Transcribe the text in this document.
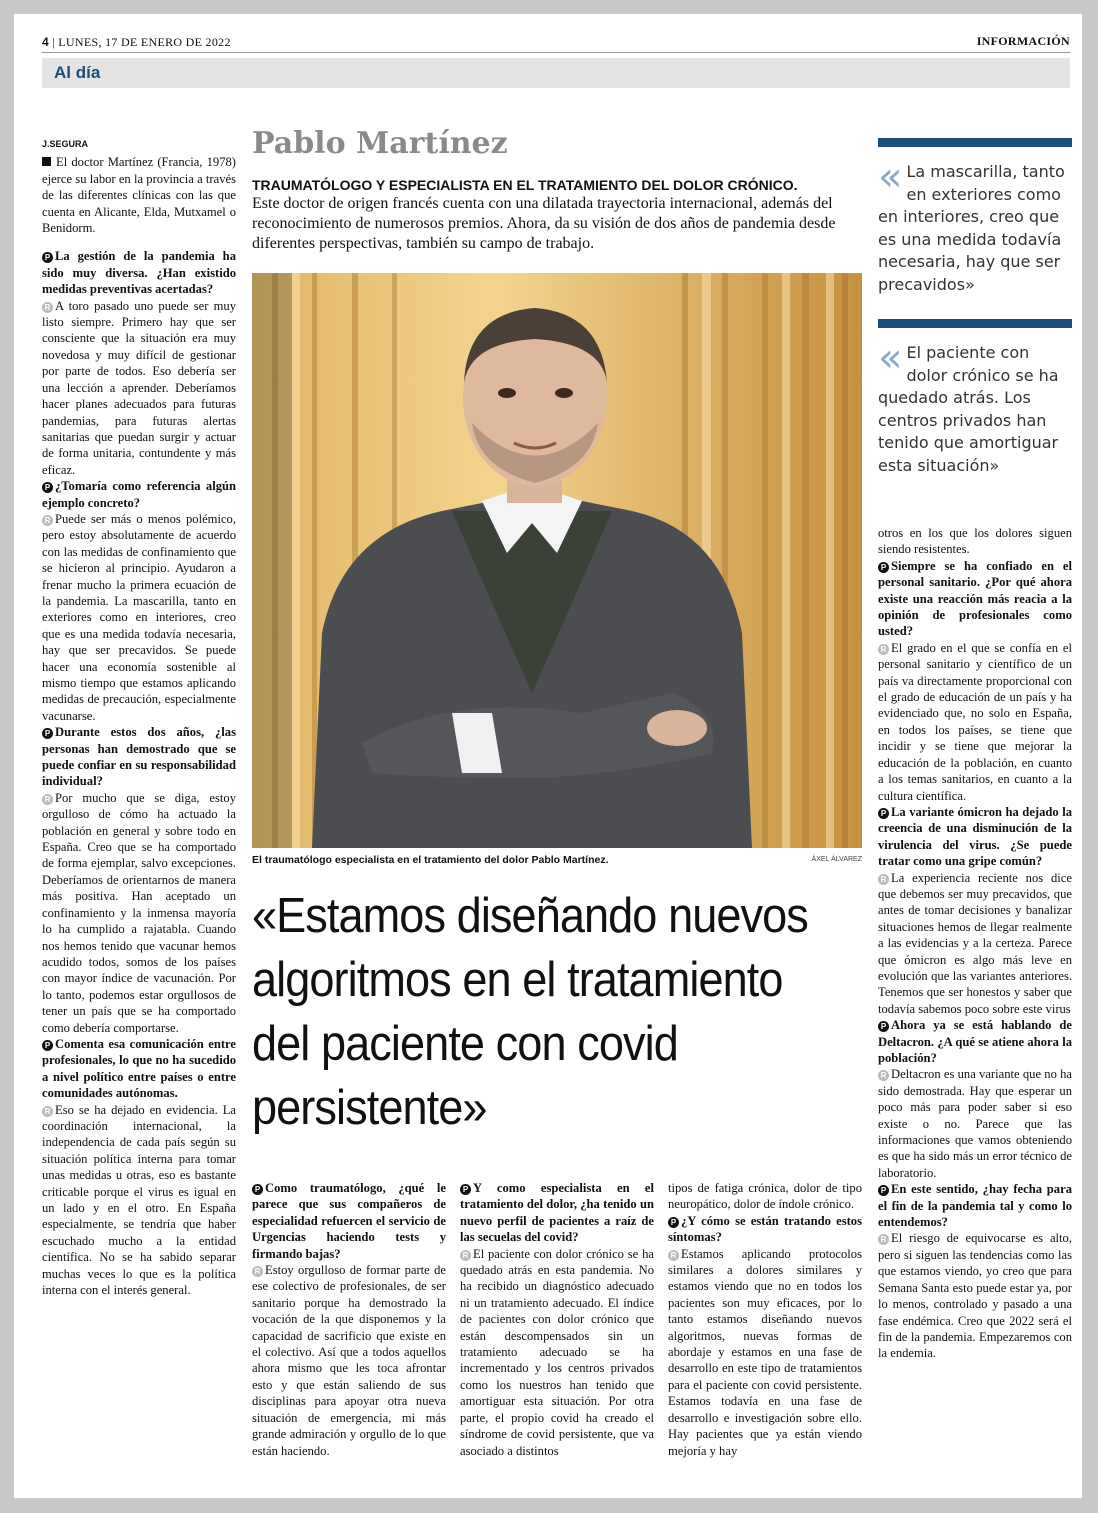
4 | LUNES, 17 DE ENERO DE 2022	INFORMACIÓN
Al día
J.SEGURA

El doctor Martínez (Francia, 1978) ejerce su labor en la provincia a través de las diferentes clínicas con las que cuenta en Alicante, Elda, Mutxamel o Benidorm.

P La gestión de la pandemia ha sido muy diversa. ¿Han existido medidas preventivas acertadas?

R A toro pasado uno puede ser muy listo siempre. Primero hay que ser consciente que la situación era muy novedosa y muy difícil de gestionar por parte de todos. Eso debería ser una lección a aprender. Deberíamos hacer planes adecuados para futuras pandemias, para futuras alertas sanitarias que puedan surgir y actuar de forma unitaria, contundente y más eficaz.

P ¿Tomaría como referencia algún ejemplo concreto?

R Puede ser más o menos polémico, pero estoy absolutamente de acuerdo con las medidas de confinamiento que se hicieron al principio. Ayudaron a frenar mucho la primera ecuación de la pandemia. La mascarilla, tanto en exteriores como en interiores, creo que es una medida todavía necesaria, hay que ser precavidos. Se puede hacer una economía sostenible al mismo tiempo que estamos aplicando medidas de precaución, especialmente vacunarse.

P Durante estos dos años, ¿las personas han demostrado que se puede confiar en su responsabilidad individual?

R Por mucho que se diga, estoy orgulloso de cómo ha actuado la población en general y sobre todo en España. Creo que se ha comportado de forma ejemplar, salvo excepciones. Deberíamos de orientarnos de manera más positiva. Han aceptado un confinamiento y la inmensa mayoría lo ha cumplido a rajatabla. Cuando nos hemos tenido que vacunar hemos acudido todos, somos de los países con mayor índice de vacunación. Por lo tanto, podemos estar orgullosos de tener un país que se ha comportado como debería comportarse.

P Comenta esa comunicación entre profesionales, lo que no ha sucedido a nivel político entre países o entre comunidades autónomas.

R Eso se ha dejado en evidencia. La coordinación internacional, la independencia de cada país según su situación política interna para tomar unas medidas u otras, eso es bastante criticable porque el virus es igual en un lado y en el otro. En España especialmente, se tendría que haber escuchado mucho a la entidad científica. No se ha sabido separar muchas veces lo que es la política interna con el interés general.

Pablo Martínez
TRAUMATÓLOGO Y ESPECIALISTA EN EL TRATAMIENTO DEL DOLOR CRÓNICO.
Este doctor de origen francés cuenta con una dilatada trayectoria internacional, además del reconocimiento de numerosos premios. Ahora, da su visión de dos años de pandemia desde diferentes perspectivas, también su campo de trabajo.
El traumatólogo especialista en el tratamiento del dolor Pablo Martínez.	ÁXEL ÁLVAREZ
«Estamos diseñando nuevos algoritmos en el tratamiento del paciente con covid persistente»
« La mascarilla, tanto en exteriores como en interiores, creo que es una medida todavía necesaria, hay que ser precavidos»
« El paciente con dolor crónico se ha quedado atrás. Los centros privados han tenido que amortiguar esta situación»

P Como traumatólogo, ¿qué le parece que sus compañeros de especialidad refuercen el servicio de Urgencias haciendo tests y firmando bajas?

R Estoy orgulloso de formar parte de ese colectivo de profesionales, de ser sanitario porque ha demostrado la vocación de la que disponemos y la capacidad de sacrificio que existe en el colectivo. Así que a todos aquellos ahora mismo que les toca afrontar esto y que están saliendo de sus disciplinas para apoyar otra nueva situación de emergencia, mi más grande admiración y orgullo de lo que están haciendo.

P Y como especialista en el tratamiento del dolor, ¿ha tenido un nuevo perfil de pacientes a raíz de las secuelas del covid?

R El paciente con dolor crónico se ha quedado atrás en esta pandemia. No ha recibido un diagnóstico adecuado ni un tratamiento adecuado. El índice de pacientes con dolor crónico que están descompensados sin un tratamiento adecuado se ha incrementado y los centros privados como los nuestros han tenido que amortiguar esta situación. Por otra parte, el propio covid ha creado el síndrome de covid persistente, que va asociado a distintos

tipos de fatiga crónica, dolor de tipo neuropático, dolor de índole crónico.

P ¿Y cómo se están tratando estos síntomas?

R Estamos aplicando protocolos similares a dolores similares y estamos viendo que no en todos los pacientes son muy eficaces, por lo tanto estamos diseñando nuevos algoritmos, nuevas formas de abordaje y estamos en una fase de desarrollo en este tipo de tratamientos para el paciente con covid persistente. Estamos todavía en una fase de desarrollo e investigación sobre ello. Hay pacientes que ya están viendo mejoría y hay

otros en los que los dolores siguen siendo resistentes.

P Siempre se ha confiado en el personal sanitario. ¿Por qué ahora existe una reacción más reacia a la opinión de profesionales como usted?

R El grado en el que se confía en el personal sanitario y científico de un país va directamente proporcional con el grado de educación de un país y ha evidenciado que, no solo en España, en todos los países, se tiene que incidir y se tiene que mejorar la educación de la población, en cuanto a los temas sanitarios, en cuanto a la cultura científica.

P La variante ómicron ha dejado la creencia de una disminución de la virulencia del virus. ¿Se puede tratar como una gripe común?

R La experiencia reciente nos dice que debemos ser muy precavidos, que antes de tomar decisiones y banalizar situaciones hemos de llegar realmente a las evidencias y a la certeza. Parece que ómicron es algo más leve en evolución que las variantes anteriores. Tenemos que ser honestos y saber que todavía sabemos poco sobre este virus

P Ahora ya se está hablando de Deltacron. ¿A qué se atiene ahora la población?

R Deltacron es una variante que no ha sido demostrada. Hay que esperar un poco más para poder saber si eso existe o no. Parece que las informaciones que vamos obteniendo es que ha sido más un error técnico de laboratorio.

P En este sentido, ¿hay fecha para el fin de la pandemia tal y como lo entendemos?

R El riesgo de equivocarse es alto, pero si siguen las tendencias como las que estamos viendo, yo creo que para Semana Santa esto puede estar ya, por lo menos, controlado y pasado a una fase endémica. Creo que 2022 será el fin de la pandemia. Empezaremos con la endemia.
